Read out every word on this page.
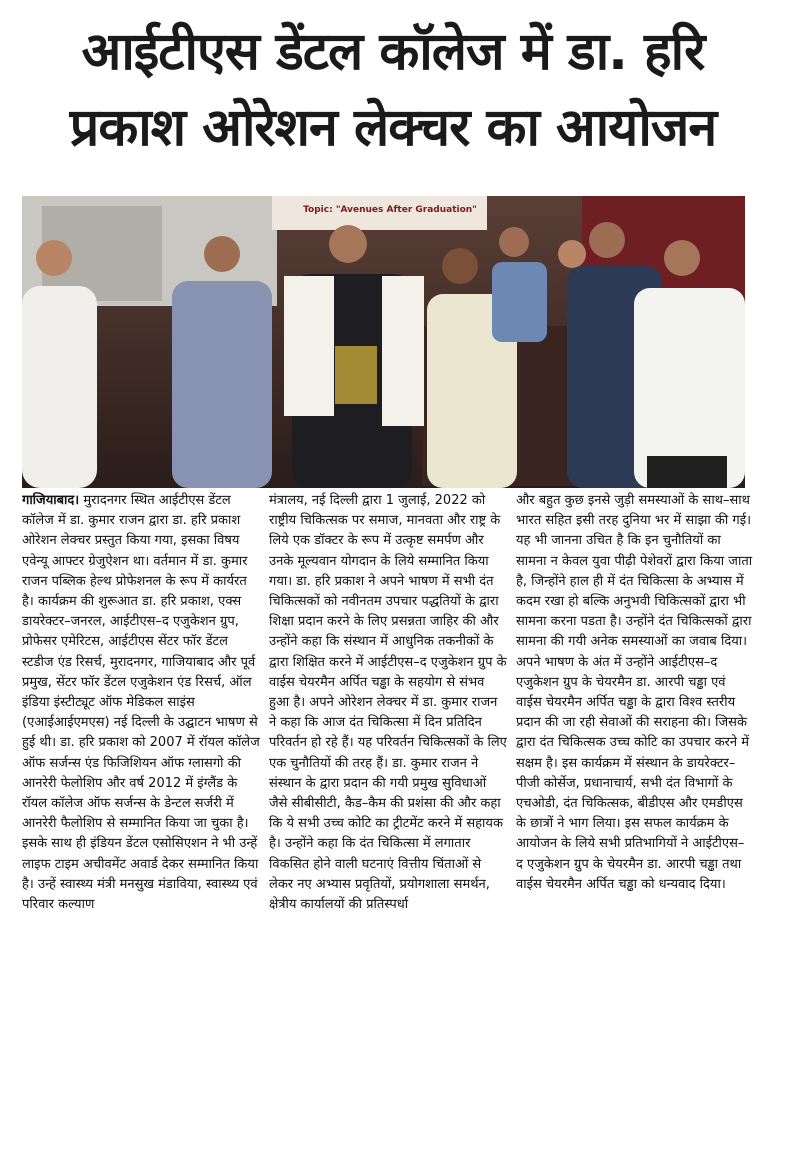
आईटीएस डेंटल कॉलेज में डा. हरि
प्रकाश ओरेशन लेक्चर का आयोजन
Topic: "Avenues After Graduation"

गाजियाबाद। मुरादनगर स्थित आईटीएस डेंटल कॉलेज में डा. कुमार राजन द्वारा डा. हरि प्रकाश ओरेशन लेक्चर प्रस्तुत किया गया, इसका विषय एवेन्यू आफ्टर ग्रेजुऐशन था। वर्तमान में डा. कुमार राजन पब्लिक हेल्थ प्रोफेशनल के रूप में कार्यरत है। कार्यक्रम की शुरूआत डा. हरि प्रकाश, एक्स डायरेक्टर–जनरल, आईटीएस–द एजुकेशन ग्रुप, प्रोफेसर एमेरिटस, आईटीएस सेंटर फॉर डेंटल स्टडीज एंड रिसर्च, मुरादनगर, गाजियाबाद और पूर्व प्रमुख, सेंटर फॉर डेंटल एजुकेशन एंड रिसर्च, ऑल इंडिया इंस्टीट्यूट ऑफ मेडिकल साइंस (एआईआईएमएस) नई दिल्ली के उद्घाटन भाषण से हुई थी। डा. हरि प्रकाश को 2007 में रॉयल कॉलेज ऑफ सर्जन्स एंड फिजिशियन ऑफ ग्लासगो की आनरेरी फेलोशिप और वर्ष 2012 में इंग्लैंड के रॉयल कॉलेज ऑफ सर्जन्स के डेन्टल सर्जरी में आनरेरी फैलोशिप से सम्मानित किया जा चुका है। इसके साथ ही इंडियन डेंटल एसोसिएशन ने भी उन्हें लाइफ टाइम अचीवमेंट अवार्ड देकर सम्मानित किया है। उन्हें स्वास्थ्य मंत्री मनसुख मंडाविया, स्वास्थ्य एवं परिवार कल्याण

मंत्रालय, नई दिल्ली द्वारा 1 जुलाई, 2022 को राष्ट्रीय चिकित्सक पर समाज, मानवता और राष्ट्र के लिये एक डॉक्टर के रूप में उत्कृष्ट समर्पण और उनके मूल्यवान योगदान के लिये सम्मानित किया गया। डा. हरि प्रकाश ने अपने भाषण में सभी दंत चिकित्सकों को नवीनतम उपचार पद्धतियों के द्वारा शिक्षा प्रदान करने के लिए प्रसन्नता जाहिर की और उन्होंने कहा कि संस्थान में आधुनिक तकनीकों के द्वारा शिक्षित करने में आईटीएस–द एजुकेशन ग्रुप के वाईस चेयरमैन अर्पित चड्ढा के सहयोग से संभव हुआ है। अपने ओरेशन लेक्चर में डा. कुमार राजन ने कहा कि आज दंत चिकित्सा में दिन प्रतिदिन परिवर्तन हो रहे हैं। यह परिवर्तन चिकित्सकों के लिए एक चुनौतियों की तरह हैं। डा. कुमार राजन ने संस्थान के द्वारा प्रदान की गयी प्रमुख सुविधाओं जैसे सीबीसीटी, कैड–कैम की प्रशंसा की और कहा कि ये सभी उच्च कोटि का ट्रीटमेंट करने में सहायक है। उन्होंने कहा कि दंत चिकित्सा में लगातार विकसित होने वाली घटनाएं वित्तीय चिंताओं से लेकर नए अभ्यास प्रवृतियों, प्रयोगशाला समर्थन, क्षेत्रीय कार्यालयों की प्रतिस्पर्धा

और बहुत कुछ इनसे जुड़ी समस्याओं के साथ–साथ भारत सहित इसी तरह दुनिया भर में साझा की गई। यह भी जानना उचित है कि इन चुनौतियों का सामना न केवल युवा पीढ़ी पेशेवरों द्वारा किया जाता है, जिन्होंने हाल ही में दंत चिकित्सा के अभ्यास में कदम रखा हो बल्कि अनुभवी चिकित्सकों द्वारा भी सामना करना पडता है। उन्होंने दंत चिकित्सकों द्वारा सामना की गयी अनेक समस्याओं का जवाब दिया। अपने भाषण के अंत में उन्होंने आईटीएस–द एजुकेशन ग्रुप के चेयरमैन डा. आरपी चड्ढा एवं वाईस चेयरमैन अर्पित चड्ढा के द्वारा विश्व स्तरीय प्रदान की जा रही सेवाओं की सराहना की। जिसके द्वारा दंत चिकित्सक उच्च कोटि का उपचार करने में सक्षम है। इस कार्यक्रम में संस्थान के डायरेक्टर–पीजी कोर्सेज, प्रधानाचार्य, सभी दंत विभागों के एचओडी, दंत चिकित्सक, बीडीएस और एमडीएस के छात्रों ने भाग लिया। इस सफल कार्यक्रम के आयोजन के लिये सभी प्रतिभागियों ने आईटीएस– द एजुकेशन ग्रुप के चेयरमैन डा. आरपी चड्ढा तथा वाईस चेयरमैन अर्पित चड्ढा को धन्यवाद दिया।
